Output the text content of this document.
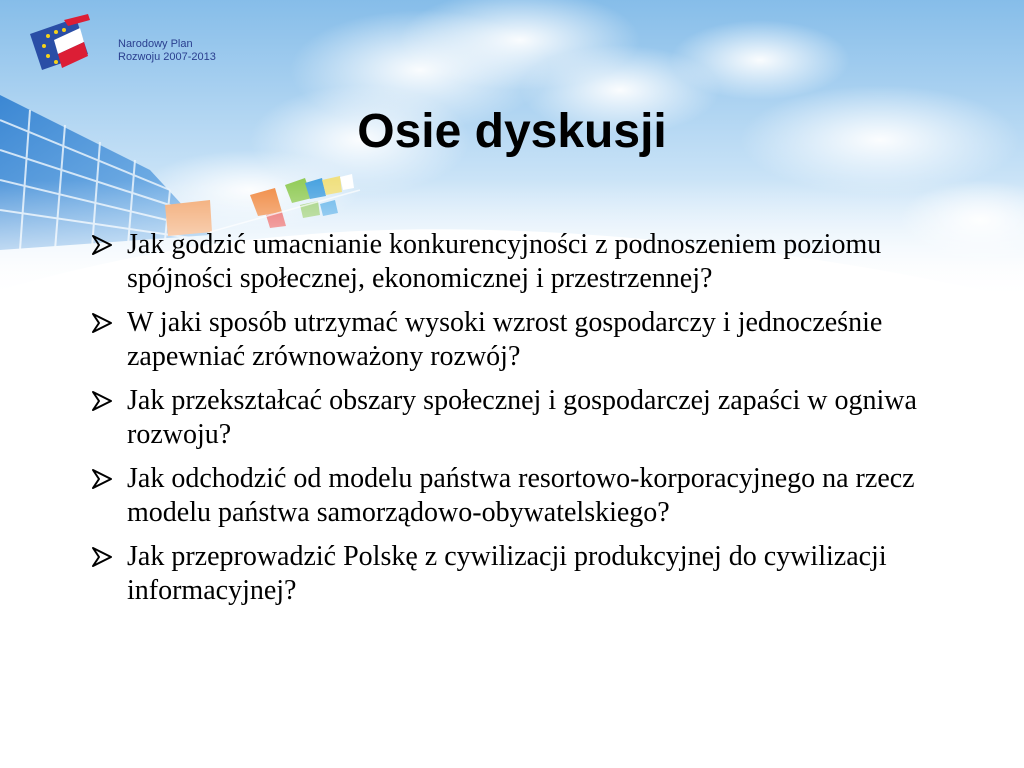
Narodowy Plan
Rozwoju 2007-2013
Osie dyskusji
Jak godzić umacnianie konkurencyjności z podnoszeniem poziomu spójności społecznej, ekonomicznej i przestrzennej?
W jaki sposób utrzymać wysoki wzrost gospodarczy i jednocześnie zapewniać zrównoważony rozwój?
Jak przekształcać obszary społecznej i gospodarczej zapaści w ogniwa rozwoju?
Jak odchodzić od modelu państwa resortowo-korporacyjnego na rzecz modelu państwa samorządowo-obywatelskiego?
Jak przeprowadzić Polskę z cywilizacji produkcyjnej do cywilizacji informacyjnej?
